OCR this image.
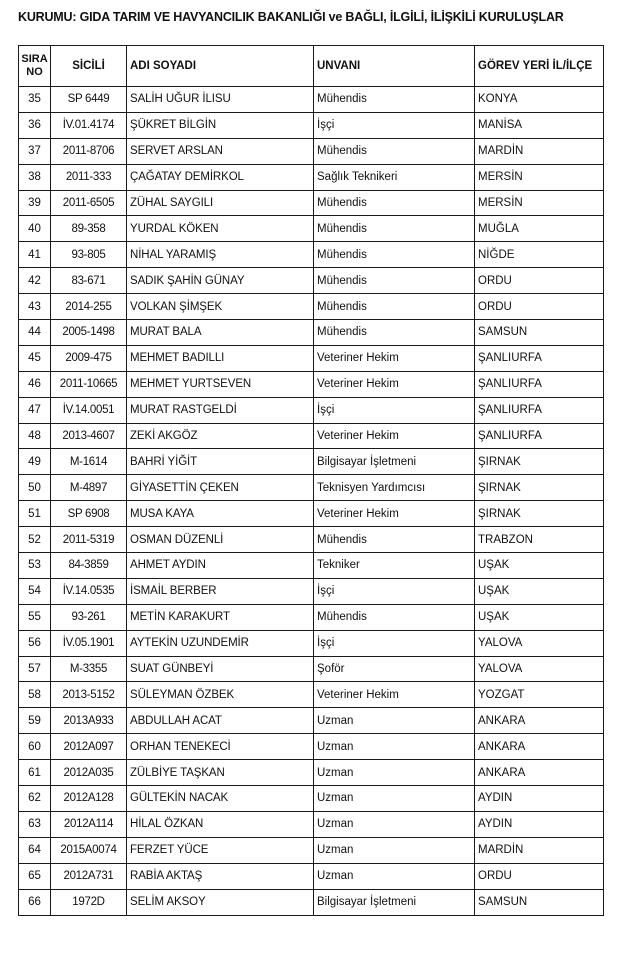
KURUMU: GIDA TARIM VE HAVYANCILIK BAKANLIĞI ve BAĞLI, İLGİLİ, İLİŞKİLİ KURULUŞLAR
SIRA
NO	SİCİLİ	ADI SOYADI	UNVANI	GÖREV YERİ İL/İLÇE
35	SP 6449	SALİH UĞUR İLISU	Mühendis	KONYA
36	İV.01.4174	ŞÜKRET BİLGİN	İşçi	MANİSA
37	2011-8706	SERVET ARSLAN	Mühendis	MARDİN
38	2011-333	ÇAĞATAY DEMİRKOL	Sağlık Teknikeri	MERSİN
39	2011-6505	ZÜHAL SAYGILI	Mühendis	MERSİN
40	89-358	YURDAL KÖKEN	Mühendis	MUĞLA
41	93-805	NİHAL YARAMIŞ	Mühendis	NİĞDE
42	83-671	SADIK ŞAHİN GÜNAY	Mühendis	ORDU
43	2014-255	VOLKAN ŞİMŞEK	Mühendis	ORDU
44	2005-1498	MURAT BALA	Mühendis	SAMSUN
45	2009-475	MEHMET BADILLI	Veteriner Hekim	ŞANLIURFA
46	2011-10665	MEHMET YURTSEVEN	Veteriner Hekim	ŞANLIURFA
47	İV.14.0051	MURAT RASTGELDİ	İşçi	ŞANLIURFA
48	2013-4607	ZEKİ AKGÖZ	Veteriner Hekim	ŞANLIURFA
49	M-1614	BAHRİ YİĞİT	Bilgisayar İşletmeni	ŞIRNAK
50	M-4897	GİYASETTİN ÇEKEN	Teknisyen Yardımcısı	ŞIRNAK
51	SP 6908	MUSA KAYA	Veteriner Hekim	ŞIRNAK
52	2011-5319	OSMAN DÜZENLİ	Mühendis	TRABZON
53	84-3859	AHMET AYDIN	Tekniker	UŞAK
54	İV.14.0535	İSMAİL BERBER	İşçi	UŞAK
55	93-261	METİN KARAKURT	Mühendis	UŞAK
56	İV.05.1901	AYTEKİN UZUNDEMİR	İşçi	YALOVA
57	M-3355	SUAT GÜNBEYİ	Şoför	YALOVA
58	2013-5152	SÜLEYMAN ÖZBEK	Veteriner Hekim	YOZGAT
59	2013A933	ABDULLAH ACAT	Uzman	ANKARA
60	2012A097	ORHAN TENEKECİ	Uzman	ANKARA
61	2012A035	ZÜLBİYE TAŞKAN	Uzman	ANKARA
62	2012A128	GÜLTEKİN NACAK	Uzman	AYDIN
63	2012A114	HİLAL ÖZKAN	Uzman	AYDIN
64	2015A0074	FERZET YÜCE	Uzman	MARDİN
65	2012A731	RABİA AKTAŞ	Uzman	ORDU
66	1972D	SELİM AKSOY	Bilgisayar İşletmeni	SAMSUN
